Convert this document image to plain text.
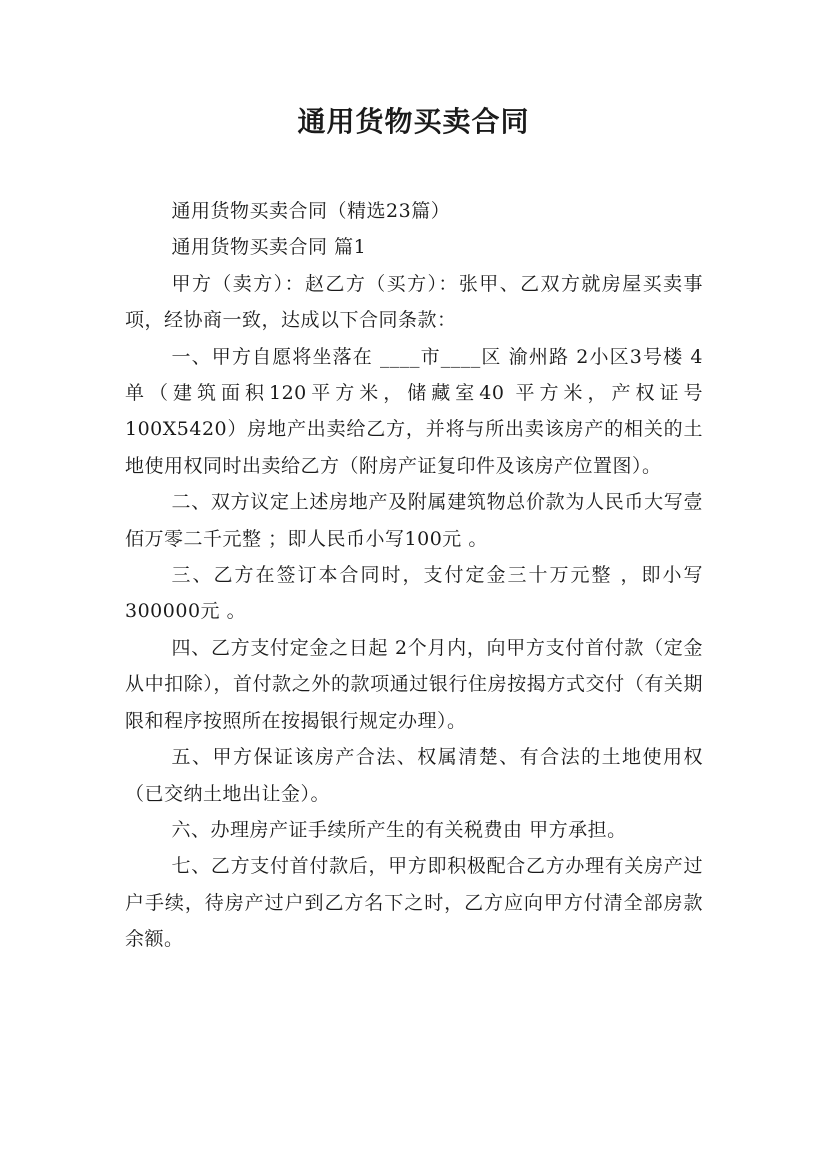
通用货物买卖合同

通用货物买卖合同（精选23篇）

通用货物买卖合同 篇1

甲方（卖方）：赵乙方（买方）：张甲、乙双方就房屋买卖事项，经协商一致，达成以下合同条款：

一、甲方自愿将坐落在 ____市____区 渝州路 2小区3号楼 4单（建筑面积120平方米，储藏室40 平方米，产权证号 100X5420）房地产出卖给乙方，并将与所出卖该房产的相关的土地使用权同时出卖给乙方（附房产证复印件及该房产位置图）。

二、双方议定上述房地产及附属建筑物总价款为人民币大写壹佰万零二千元整 ；即人民币小写100元 。

三、乙方在签订本合同时，支付定金三十万元整 ，即小写 300000元 。

四、乙方支付定金之日起 2个月内，向甲方支付首付款（定金从中扣除），首付款之外的款项通过银行住房按揭方式交付（有关期限和程序按照所在按揭银行规定办理）。

五、甲方保证该房产合法、权属清楚、有合法的土地使用权（已交纳土地出让金）。

六、办理房产证手续所产生的有关税费由 甲方承担。

七、乙方支付首付款后，甲方即积极配合乙方办理有关房产过户手续，待房产过户到乙方名下之时，乙方应向甲方付清全部房款余额。
